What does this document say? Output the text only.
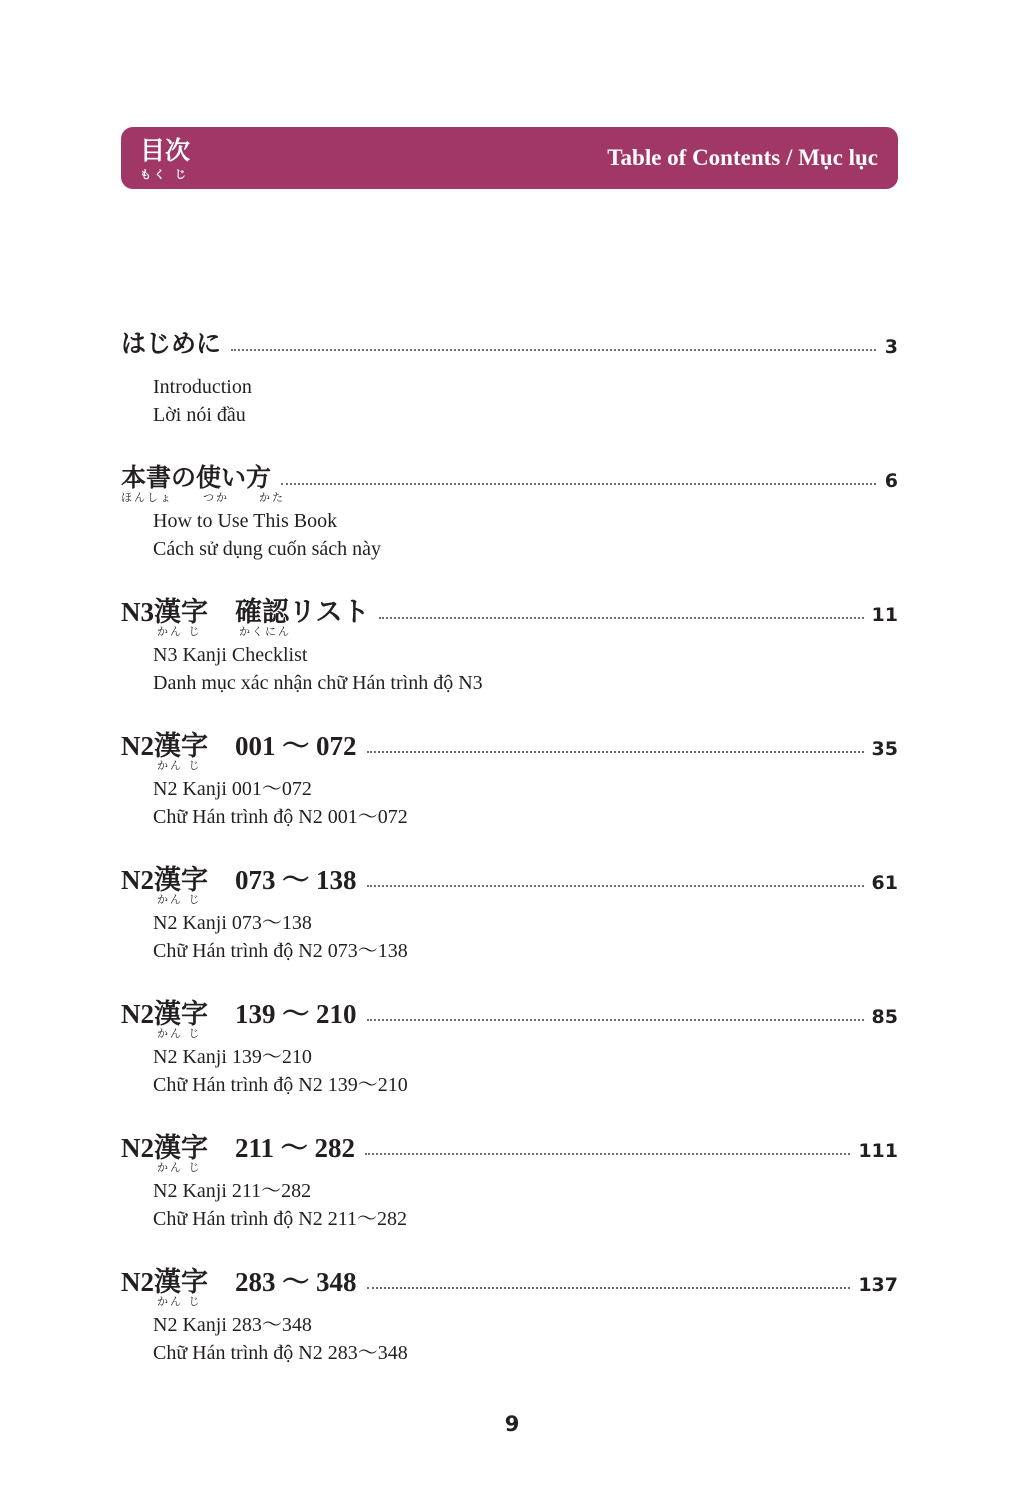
目次
もく じ
Table of Contents / Mục lục
はじめに	3
Introduction
Lời nói đầu
本書の使い方	6
ほんしょ	つか	かた
How to Use This Book
Cách sử dụng cuốn sách này
N3漢字　確認リスト	11
かん じ	かくにん
N3 Kanji Checklist
Danh mục xác nhận chữ Hán trình độ N3
N2漢字　001 〜 072	35
かん じ
N2 Kanji 001〜072
Chữ Hán trình độ N2 001〜072
N2漢字　073 〜 138	61
かん じ
N2 Kanji 073〜138
Chữ Hán trình độ N2 073〜138
N2漢字　139 〜 210	85
かん じ
N2 Kanji 139〜210
Chữ Hán trình độ N2 139〜210
N2漢字　211 〜 282	111
かん じ
N2 Kanji 211〜282
Chữ Hán trình độ N2 211〜282
N2漢字　283 〜 348	137
かん じ
N2 Kanji 283〜348
Chữ Hán trình độ N2 283〜348
9
